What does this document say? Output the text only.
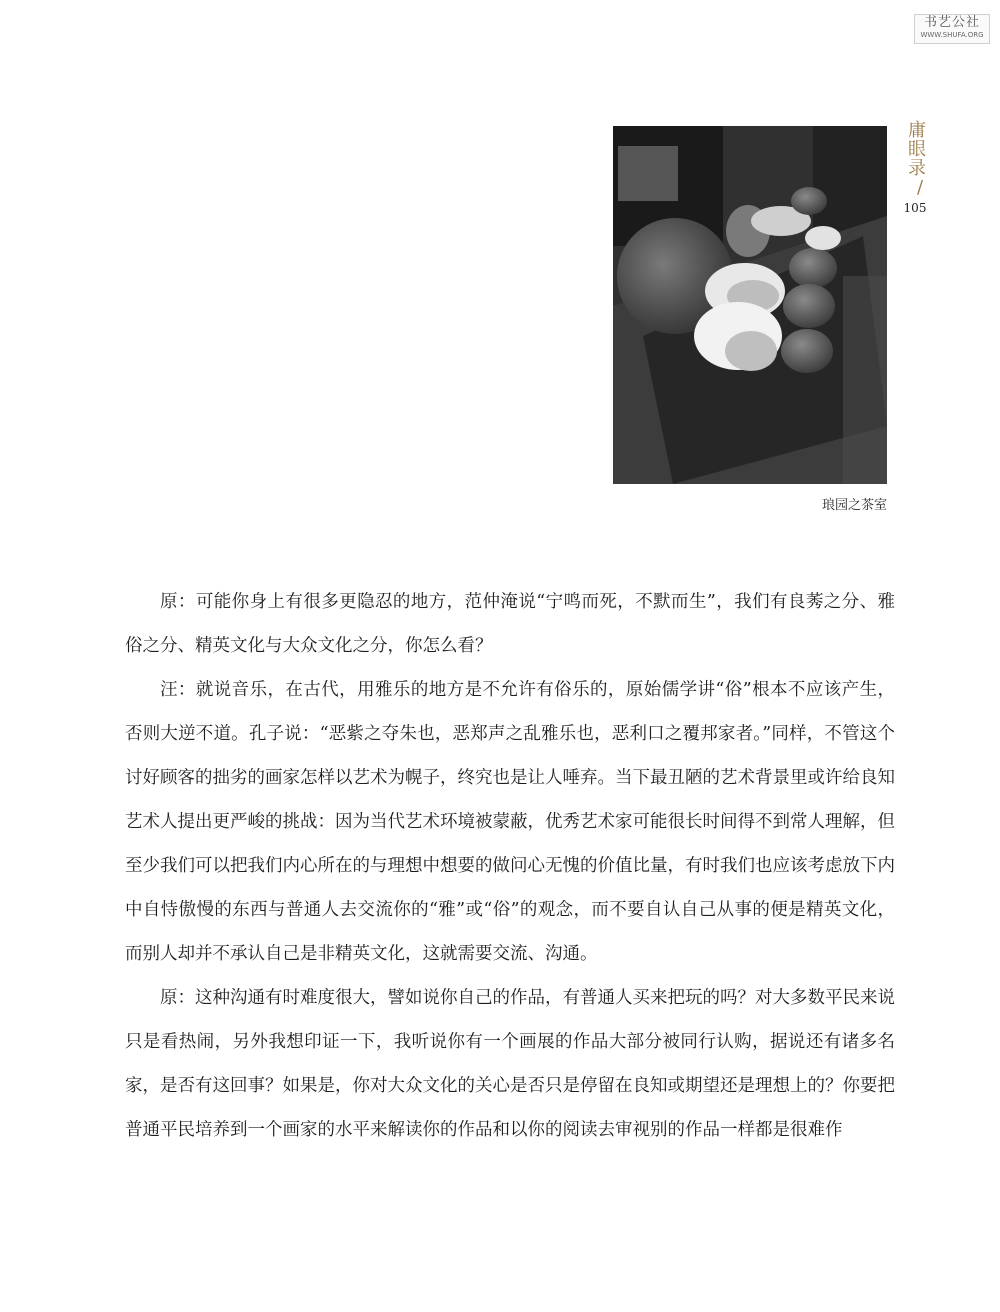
书艺公社
WWW.SHUFA.ORG
琅园之茶室
庸眼录
/
105

原：可能你身上有很多更隐忍的地方，范仲淹说“宁鸣而死，不默而生”，我们有良莠之分、雅俗之分、精英文化与大众文化之分，你怎么看？

汪：就说音乐，在古代，用雅乐的地方是不允许有俗乐的，原始儒学讲“俗”根本不应该产生，否则大逆不道。孔子说：“恶紫之夺朱也，恶郑声之乱雅乐也，恶利口之覆邦家者。”同样，不管这个讨好顾客的拙劣的画家怎样以艺术为幌子，终究也是让人唾弃。当下最丑陋的艺术背景里或许给良知艺术人提出更严峻的挑战：因为当代艺术环境被蒙蔽，优秀艺术家可能很长时间得不到常人理解，但至少我们可以把我们内心所在的与理想中想要的做问心无愧的价值比量，有时我们也应该考虑放下内中自恃傲慢的东西与普通人去交流你的“雅”或“俗”的观念，而不要自认自己从事的便是精英文化，而别人却并不承认自己是非精英文化，这就需要交流、沟通。

原：这种沟通有时难度很大，譬如说你自己的作品，有普通人买来把玩的吗？对大多数平民来说只是看热闹，另外我想印证一下，我听说你有一个画展的作品大部分被同行认购，据说还有诸多名家，是否有这回事？如果是，你对大众文化的关心是否只是停留在良知或期望还是理想上的？你要把普通平民培养到一个画家的水平来解读你的作品和以你的阅读去审视别的作品一样都是很难作
